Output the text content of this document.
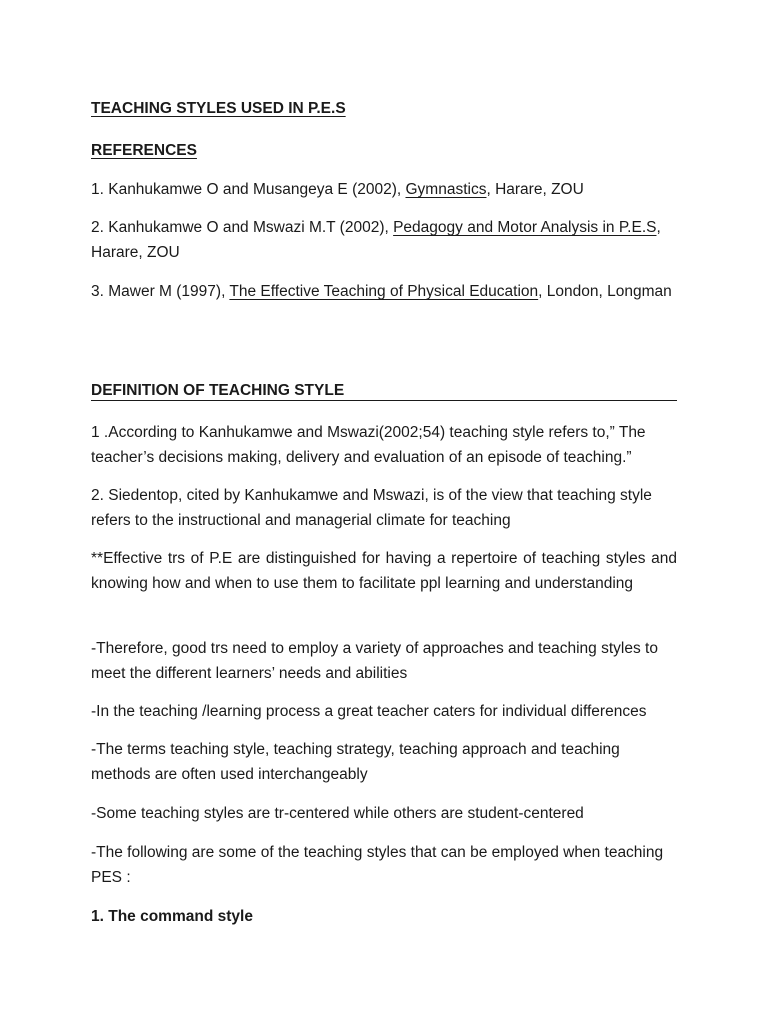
TEACHING STYLES USED IN P.E.S

REFERENCES

1. Kanhukamwe O and Musangeya E (2002), Gymnastics, Harare, ZOU

2. Kanhukamwe O and Mswazi M.T (2002), Pedagogy and Motor Analysis in P.E.S, Harare, ZOU

3. Mawer M (1997), The Effective Teaching of Physical Education, London, Longman

DEFINITION OF TEACHING STYLE

1 .According to Kanhukamwe and Mswazi(2002;54) teaching style refers to,” The teacher’s decisions making, delivery and evaluation of an episode of teaching.”

2. Siedentop, cited by Kanhukamwe and Mswazi, is of the view that teaching style refers to the instructional and managerial climate for teaching

**Effective trs of P.E are distinguished for having a repertoire of teaching styles and knowing how and when to use them to facilitate ppl learning and understanding

-Therefore, good trs need to employ a variety of approaches and teaching styles to meet the different learners’ needs and abilities

-In the teaching /learning process a great teacher caters for individual differences

-The terms teaching style, teaching strategy, teaching approach and teaching methods are often used interchangeably

-Some teaching styles are tr-centered while others are student-centered

-The following are some of the teaching styles that can be employed when teaching PES :

1. The command style
